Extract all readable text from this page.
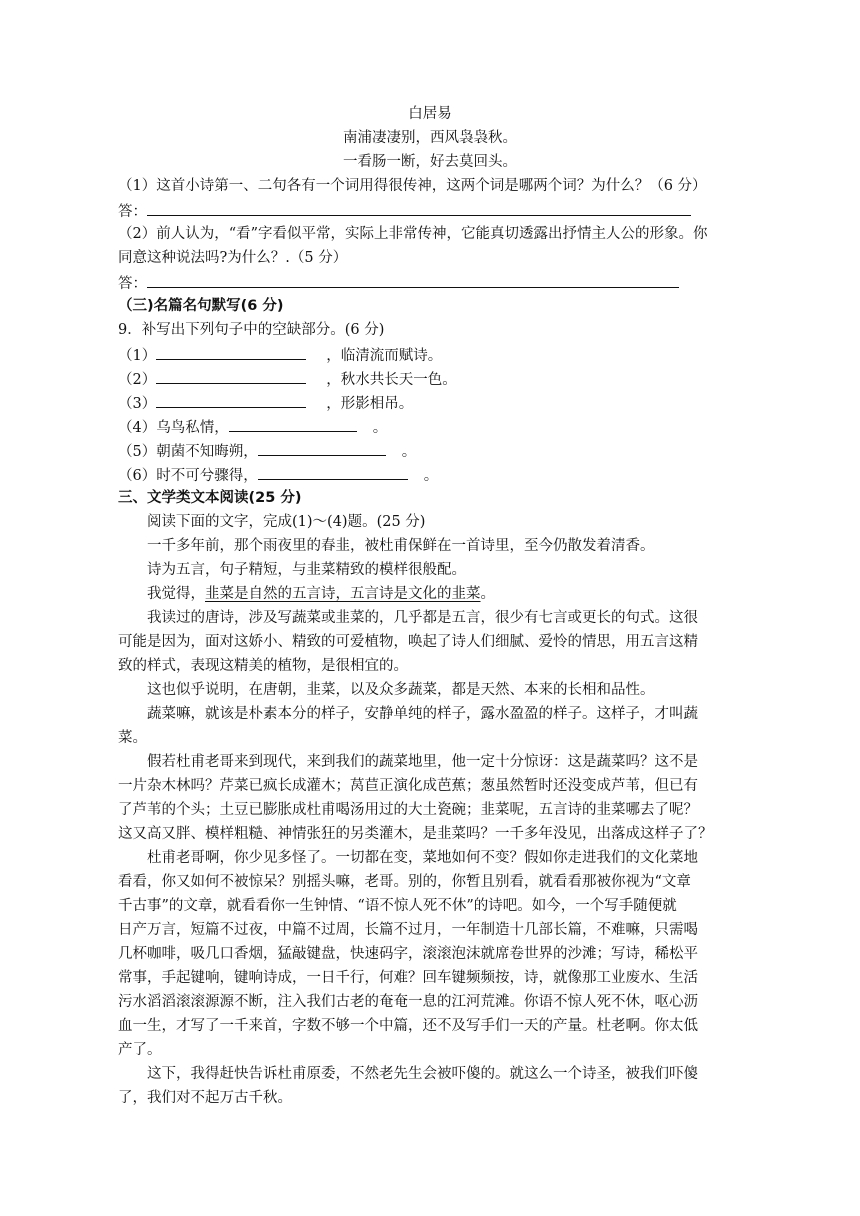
白居易
南浦凄凄别，西风袅袅秋。
一看肠一断，好去莫回头。
（1）这首小诗第一、二句各有一个词用得很传神，这两个词是哪两个词？为什么？（6 分）
答：
（2）前人认为，“看”字看似平常，实际上非常传神，它能真切透露出抒情主人公的形象。你
同意这种说法吗?为什么？.（5 分）
答：
（三)名篇名句默写(6 分)
9．补写出下列句子中的空缺部分。(6 分)
（1）	，临清流而赋诗。
（2）	，秋水共长天一色。
（3）	，形影相吊。
（4）乌鸟私情，	。
（5）朝菌不知晦朔，	。
（6）时不可兮骤得，	。
三、文学类文本阅读(25 分)
阅读下面的文字，完成(1)～(4)题。(25 分)
一千多年前，那个雨夜里的春韭，被杜甫保鲜在一首诗里，至今仍散发着清香。
诗为五言，句子精短，与韭菜精致的模样很般配。
我觉得，韭菜是自然的五言诗，五言诗是文化的韭菜。
我读过的唐诗，涉及写蔬菜或韭菜的，几乎都是五言，很少有七言或更长的句式。这很
可能是因为，面对这娇小、精致的可爱植物，唤起了诗人们细腻、爱怜的情思，用五言这精
致的样式，表现这精美的植物，是很相宜的。
这也似乎说明，在唐朝，韭菜，以及众多蔬菜，都是天然、本来的长相和品性。
蔬菜嘛，就该是朴素本分的样子，安静单纯的样子，露水盈盈的样子。这样子，才叫蔬
菜。
假若杜甫老哥来到现代，来到我们的蔬菜地里，他一定十分惊讶：这是蔬菜吗？这不是
一片杂木林吗？芹菜已疯长成灌木；莴苣正演化成芭蕉；葱虽然暂时还没变成芦苇，但已有
了芦苇的个头；土豆已膨胀成杜甫喝汤用过的大土瓷碗；韭菜呢，五言诗的韭菜哪去了呢？
这又高又胖、模样粗糙、神情张狂的另类灌木，是韭菜吗？一千多年没见，出落成这样子了？
杜甫老哥啊，你少见多怪了。一切都在变，菜地如何不变？假如你走进我们的文化菜地
看看，你又如何不被惊呆？别摇头嘛，老哥。别的，你暂且别看，就看看那被你视为“文章
千古事”的文章，就看看你一生钟情、“语不惊人死不休”的诗吧。如今，一个写手随便就
日产万言，短篇不过夜，中篇不过周，长篇不过月，一年制造十几部长篇，不难嘛，只需喝
几杯咖啡，吸几口香烟，猛敲键盘，快速码字，滚滚泡沫就席卷世界的沙滩；写诗，稀松平
常事，手起键响，键响诗成，一日千行，何难？回车键频频按，诗，就像那工业废水、生活
污水滔滔滚滚源源不断，注入我们古老的奄奄一息的江河荒滩。你语不惊人死不休，呕心沥
血一生，才写了一千来首，字数不够一个中篇，还不及写手们一天的产量。杜老啊。你太低
产了。
这下，我得赶快告诉杜甫原委，不然老先生会被吓傻的。就这么一个诗圣，被我们吓傻
了，我们对不起万古千秋。
